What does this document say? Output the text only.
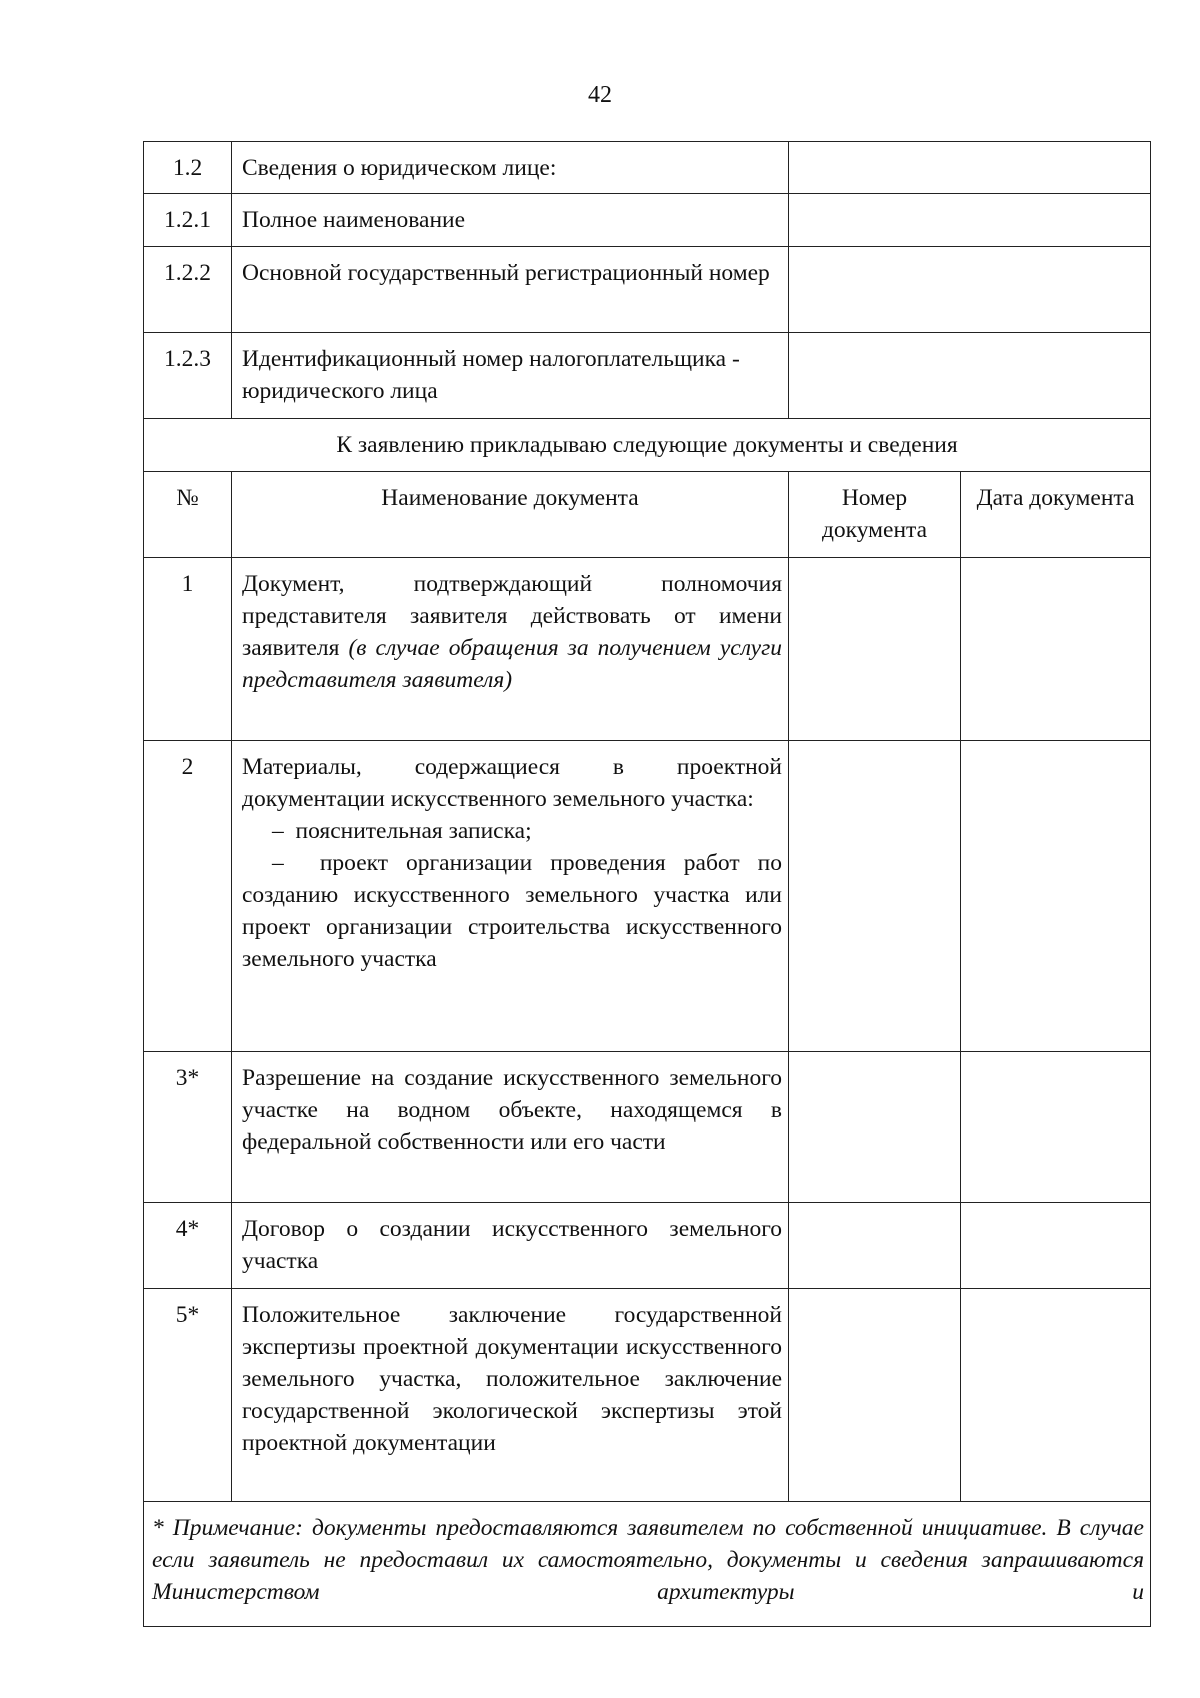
42
1.2	Сведения о юридическом лице:		
1.2.1	Полное наименование		
1.2.2	Основной государственный регистрационный номер		
1.2.3	Идентификационный номер налогоплательщика - юридического лица		
К заявлению прикладываю следующие документы и сведения			
№	Наименование документа	Номер документа	Дата документа
1	Документ, подтверждающий полномочия представителя заявителя действовать от имени заявителя (в случае обращения за получением услуги представителя заявителя)		
2	Материалы, содержащиеся в проектной документации искусственного земельного участка:
–  пояснительная записка;
–  проект организации проведения работ по созданию искусственного земельного участка или проект организации строительства искусственного земельного участка		

3*	Разрешение на создание искусственного земельного участке на водном объекте, находящемся в федеральной собственности или его части		
4*	Договор о создании искусственного земельного участка		
5*	Положительное заключение государственной экспертизы проектной документации искусственного земельного участка, положительное заключение государственной экологической экспертизы этой проектной документации		
* Примечание: документы предоставляются заявителем по собственной инициативе. В случае если заявитель не предоставил их самостоятельно, документы и сведения запрашиваются Министерством архитектуры и			
